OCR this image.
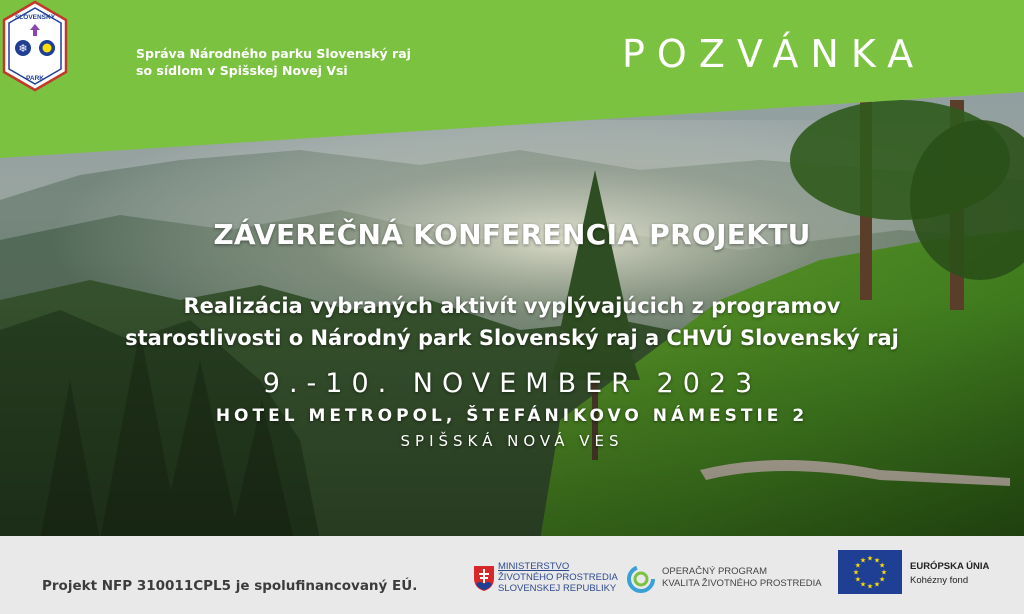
SLOVENSKÝ
❄
PARK
Správa Národného parku Slovenský raj
so sídlom v Spišskej Novej Vsi	POZVÁNKA
ZÁVEREČNÁ KONFERENCIA PROJEKTU
Realizácia vybraných aktivít vyplývajúcich z programov
starostlivosti o Národný park Slovenský raj a CHVÚ Slovenský raj
9.-10. NOVEMBER 2023
HOTEL METROPOL, ŠTEFÁNIKOVO NÁMESTIE 2
SPIŠSKÁ NOVÁ VES
Projekt NFP 310011CPL5 je spolufinancovaný EÚ.
MINISTERSTVO
ŽIVOTNÉHO PROSTREDIA
SLOVENSKEJ REPUBLIKY
OPERAČNÝ PROGRAM
KVALITA ŽIVOTNÉHO PROSTREDIA
★ ★
★
★
★
★
★
★
★
★
★
★
EURÓPSKA ÚNIA
Kohézny fond
